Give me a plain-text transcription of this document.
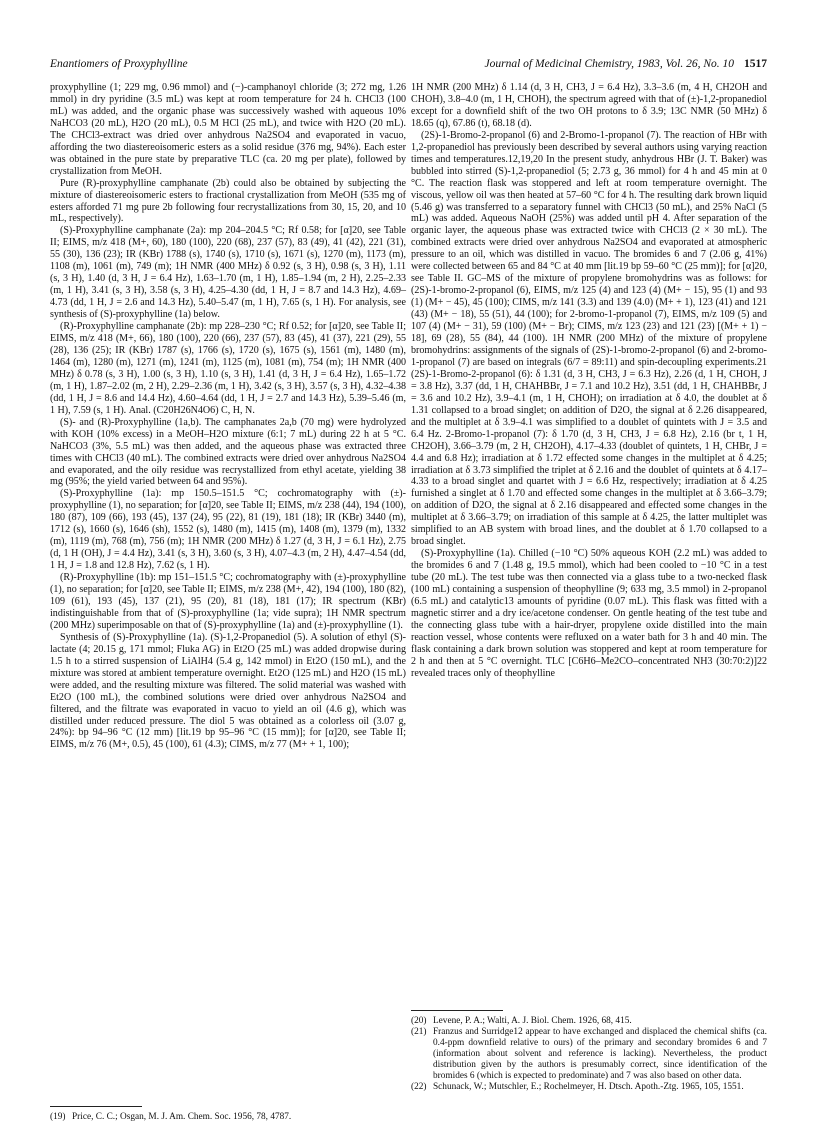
Enantiomers of Proxyphylline	Journal of Medicinal Chemistry, 1983, Vol. 26, No. 10 1517

proxyphylline (1; 229 mg, 0.96 mmol) and (−)-camphanoyl chloride (3; 272 mg, 1.26 mmol) in dry pyridine (3.5 mL) was kept at room temperature for 24 h. CHCl3 (100 mL) was added, and the organic phase was successively washed with aqueous 10% NaHCO3 (20 mL), H2O (20 mL), 0.5 M HCl (25 mL), and twice with H2O (20 mL). The CHCl3-extract was dried over anhydrous Na2SO4 and evaporated in vacuo, affording the two diastereoisomeric esters as a solid residue (376 mg, 94%). Each ester was obtained in the pure state by preparative TLC (ca. 20 mg per plate), followed by crystallization from MeOH.

Pure (R)-proxyphylline camphanate (2b) could also be obtained by subjecting the mixture of diastereoisomeric esters to fractional crystallization from MeOH (535 mg of esters afforded 71 mg pure 2b following four recrystallizations from 30, 15, 20, and 10 mL, respectively).

(S)-Proxyphylline camphanate (2a): mp 204–204.5 °C; Rf 0.58; for [α]20, see Table II; EIMS, m/z 418 (M+, 60), 180 (100), 220 (68), 237 (57), 83 (49), 41 (42), 221 (31), 55 (30), 136 (23); IR (KBr) 1788 (s), 1740 (s), 1710 (s), 1671 (s), 1270 (m), 1173 (m), 1108 (m), 1061 (m), 749 (m); 1H NMR (400 MHz) δ 0.92 (s, 3 H), 0.98 (s, 3 H), 1.11 (s, 3 H), 1.40 (d, 3 H, J = 6.4 Hz), 1.63–1.70 (m, 1 H), 1.85–1.94 (m, 2 H), 2.25–2.33 (m, 1 H), 3.41 (s, 3 H), 3.58 (s, 3 H), 4.25–4.30 (dd, 1 H, J = 8.7 and 14.3 Hz), 4.69–4.73 (dd, 1 H, J = 2.6 and 14.3 Hz), 5.40–5.47 (m, 1 H), 7.65 (s, 1 H). For analysis, see synthesis of (S)-proxyphylline (1a) below.

(R)-Proxyphylline camphanate (2b): mp 228–230 °C; Rf 0.52; for [α]20, see Table II; EIMS, m/z 418 (M+, 66), 180 (100), 220 (66), 237 (57), 83 (45), 41 (37), 221 (29), 55 (28), 136 (25); IR (KBr) 1787 (s), 1766 (s), 1720 (s), 1675 (s), 1561 (m), 1480 (m), 1464 (m), 1280 (m), 1271 (m), 1241 (m), 1125 (m), 1081 (m), 754 (m); 1H NMR (400 MHz) δ 0.78 (s, 3 H), 1.00 (s, 3 H), 1.10 (s, 3 H), 1.41 (d, 3 H, J = 6.4 Hz), 1.65–1.72 (m, 1 H), 1.87–2.02 (m, 2 H), 2.29–2.36 (m, 1 H), 3.42 (s, 3 H), 3.57 (s, 3 H), 4.32–4.38 (dd, 1 H, J = 8.6 and 14.4 Hz), 4.60–4.64 (dd, 1 H, J = 2.7 and 14.3 Hz), 5.39–5.46 (m, 1 H), 7.59 (s, 1 H). Anal. (C20H26N4O6) C, H, N.

(S)- and (R)-Proxyphylline (1a,b). The camphanates 2a,b (70 mg) were hydrolyzed with KOH (10% excess) in a MeOH–H2O mixture (6:1; 7 mL) during 22 h at 5 °C. NaHCO3 (3%, 5.5 mL) was then added, and the aqueous phase was extracted three times with CHCl3 (40 mL). The combined extracts were dried over anhydrous Na2SO4 and evaporated, and the oily residue was recrystallized from ethyl acetate, yielding 38 mg (95%; the yield varied between 64 and 95%).

(S)-Proxyphylline (1a): mp 150.5–151.5 °C; cochromatography with (±)-proxyphylline (1), no separation; for [α]20, see Table II; EIMS, m/z 238 (44), 194 (100), 180 (87), 109 (66), 193 (45), 137 (24), 95 (22), 81 (19), 181 (18); IR (KBr) 3440 (m), 1712 (s), 1660 (s), 1646 (sh), 1552 (s), 1480 (m), 1415 (m), 1408 (m), 1379 (m), 1332 (m), 1119 (m), 768 (m), 756 (m); 1H NMR (200 MHz) δ 1.27 (d, 3 H, J = 6.1 Hz), 2.75 (d, 1 H (OH), J = 4.4 Hz), 3.41 (s, 3 H), 3.60 (s, 3 H), 4.07–4.3 (m, 2 H), 4.47–4.54 (dd, 1 H, J = 1.8 and 12.8 Hz), 7.62 (s, 1 H).

(R)-Proxyphylline (1b): mp 151–151.5 °C; cochromatography with (±)-proxyphylline (1), no separation; for [α]20, see Table II; EIMS, m/z 238 (M+, 42), 194 (100), 180 (82), 109 (61), 193 (45), 137 (21), 95 (20), 81 (18), 181 (17); IR spectrum (KBr) indistinguishable from that of (S)-proxyphylline (1a; vide supra); 1H NMR spectrum (200 MHz) superimposable on that of (S)-proxyphylline (1a) and (±)-proxyphylline (1).

Synthesis of (S)-Proxyphylline (1a). (S)-1,2-Propanediol (5). A solution of ethyl (S)-lactate (4; 20.15 g, 171 mmol; Fluka AG) in Et2O (25 mL) was added dropwise during 1.5 h to a stirred suspension of LiAlH4 (5.4 g, 142 mmol) in Et2O (150 mL), and the mixture was stored at ambient temperature overnight. Et2O (125 mL) and H2O (15 mL) were added, and the resulting mixture was filtered. The solid material was washed with Et2O (100 mL), the combined solutions were dried over anhydrous Na2SO4 and filtered, and the filtrate was evaporated in vacuo to yield an oil (4.6 g), which was distilled under reduced pressure. The diol 5 was obtained as a colorless oil (3.07 g, 24%): bp 94–96 °C (12 mm) [lit.19 bp 95–96 °C (15 mm)]; for [α]20, see Table II; EIMS, m/z 76 (M+, 0.5), 45 (100), 61 (4.3); CIMS, m/z 77 (M+ + 1, 100);

(19) Price, C. C.; Osgan, M. J. Am. Chem. Soc. 1956, 78, 4787.

1H NMR (200 MHz) δ 1.14 (d, 3 H, CH3, J = 6.4 Hz), 3.3–3.6 (m, 4 H, CH2OH and CHOH), 3.8–4.0 (m, 1 H, CHOH), the spectrum agreed with that of (±)-1,2-propanediol except for a downfield shift of the two OH protons to δ 3.9; 13C NMR (50 MHz) δ 18.65 (q), 67.86 (t), 68.18 (d).

(2S)-1-Bromo-2-propanol (6) and 2-Bromo-1-propanol (7). The reaction of HBr with 1,2-propanediol has previously been described by several authors using varying reaction times and temperatures.12,19,20 In the present study, anhydrous HBr (J. T. Baker) was bubbled into stirred (S)-1,2-propanediol (5; 2.73 g, 36 mmol) for 4 h and 45 min at 0 °C. The reaction flask was stoppered and left at room temperature overnight. The viscous, yellow oil was then heated at 57–60 °C for 4 h. The resulting dark brown liquid (5.46 g) was transferred to a separatory funnel with CHCl3 (50 mL), and 25% NaCl (5 mL) was added. Aqueous NaOH (25%) was added until pH 4. After separation of the organic layer, the aqueous phase was extracted twice with CHCl3 (2 × 30 mL). The combined extracts were dried over anhydrous Na2SO4 and evaporated at atmospheric pressure to an oil, which was distilled in vacuo. The bromides 6 and 7 (2.06 g, 41%) were collected between 65 and 84 °C at 40 mm [lit.19 bp 59–60 °C (25 mm)]; for [α]20, see Table II. GC–MS of the mixture of propylene bromohydrins was as follows: for (2S)-1-bromo-2-propanol (6), EIMS, m/z 125 (4) and 123 (4) (M+ − 15), 95 (1) and 93 (1) (M+ − 45), 45 (100); CIMS, m/z 141 (3.3) and 139 (4.0) (M+ + 1), 123 (41) and 121 (43) (M+ − 18), 55 (51), 44 (100); for 2-bromo-1-propanol (7), EIMS, m/z 109 (5) and 107 (4) (M+ − 31), 59 (100) (M+ − Br); CIMS, m/z 123 (23) and 121 (23) [(M+ + 1) − 18], 69 (28), 55 (84), 44 (100). 1H NMR (200 MHz) of the mixture of propylene bromohydrins: assignments of the signals of (2S)-1-bromo-2-propanol (6) and 2-bromo-1-propanol (7) are based on integrals (6/7 = 89:11) and spin-decoupling experiments.21 (2S)-1-Bromo-2-propanol (6): δ 1.31 (d, 3 H, CH3, J = 6.3 Hz), 2.26 (d, 1 H, CHOH, J = 3.8 Hz), 3.37 (dd, 1 H, CHAHBBr, J = 7.1 and 10.2 Hz), 3.51 (dd, 1 H, CHAHBBr, J = 3.6 and 10.2 Hz), 3.9–4.1 (m, 1 H, CHOH); on irradiation at δ 4.0, the doublet at δ 1.31 collapsed to a broad singlet; on addition of D2O, the signal at δ 2.26 disappeared, and the multiplet at δ 3.9–4.1 was simplified to a doublet of quintets with J = 3.5 and 6.4 Hz. 2-Bromo-1-propanol (7): δ 1.70 (d, 3 H, CH3, J = 6.8 Hz), 2.16 (br t, 1 H, CH2OH), 3.66–3.79 (m, 2 H, CH2OH), 4.17–4.33 (doublet of quintets, 1 H, CHBr, J = 4.4 and 6.8 Hz); irradiation at δ 1.72 effected some changes in the multiplet at δ 4.25; irradiation at δ 3.73 simplified the triplet at δ 2.16 and the doublet of quintets at δ 4.17–4.33 to a broad singlet and quartet with J = 6.6 Hz, respectively; irradiation at δ 4.25 furnished a singlet at δ 1.70 and effected some changes in the multiplet at δ 3.66–3.79; on addition of D2O, the signal at δ 2.16 disappeared and effected some changes in the multiplet at δ 3.66–3.79; on irradiation of this sample at δ 4.25, the latter multiplet was simplified to an AB system with broad lines, and the doublet at δ 1.70 collapsed to a broad singlet.

(S)-Proxyphylline (1a). Chilled (−10 °C) 50% aqueous KOH (2.2 mL) was added to the bromides 6 and 7 (1.48 g, 19.5 mmol), which had been cooled to −10 °C in a test tube (20 mL). The test tube was then connected via a glass tube to a two-necked flask (100 mL) containing a suspension of theophylline (9; 633 mg, 3.5 mmol) in 2-propanol (6.5 mL) and catalytic13 amounts of pyridine (0.07 mL). This flask was fitted with a magnetic stirrer and a dry ice/acetone condenser. On gentle heating of the test tube and the connecting glass tube with a hair-dryer, propylene oxide distilled into the main reaction vessel, whose contents were refluxed on a water bath for 3 h and 40 min. The flask containing a dark brown solution was stoppered and kept at room temperature for 2 h and then at 5 °C overnight. TLC [C6H6–Me2CO–concentrated NH3 (30:70:2)]22 revealed traces only of theophylline

(20) Levene, P. A.; Walti, A. J. Biol. Chem. 1926, 68, 415.
(21) Franzus and Surridge12 appear to have exchanged and displaced the chemical shifts (ca. 0.4-ppm downfield relative to ours) of the primary and secondary bromides 6 and 7 (information about solvent and reference is lacking). Nevertheless, the product distribution given by the authors is presumably correct, since identification of the bromides 6 (which is expected to predominate) and 7 was also based on other data.
(22) Schunack, W.; Mutschler, E.; Rochelmeyer, H. Dtsch. Apoth.-Ztg. 1965, 105, 1551.
